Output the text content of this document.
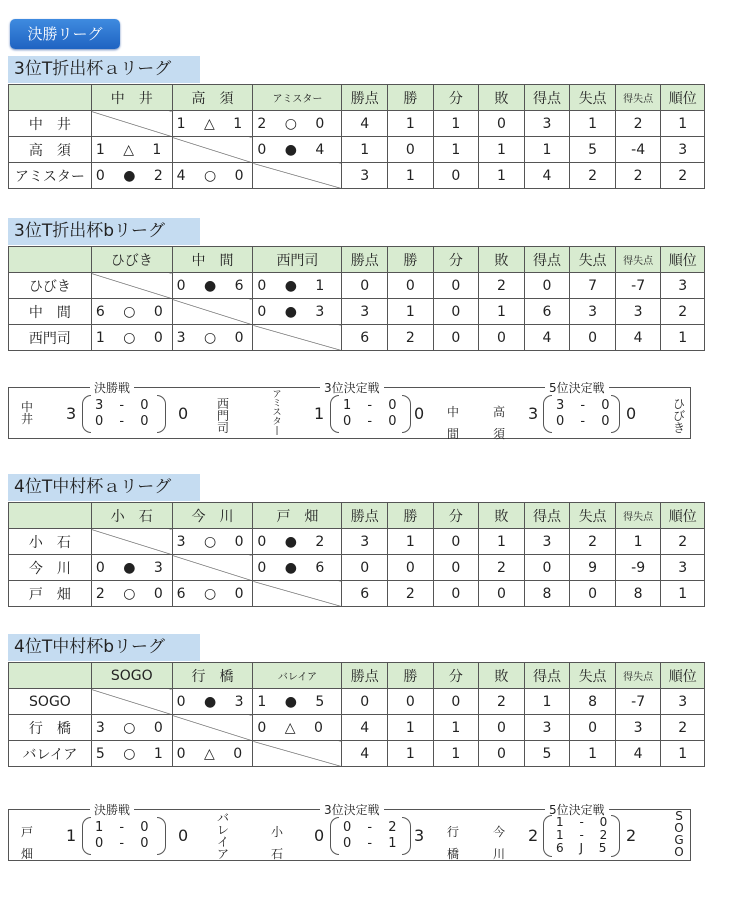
決勝リーグ
3位T折出杯ａリーグ
	中　井	高　須	アミスター	勝点	勝	分	敗	得点	失点	得失点	順位
中　井		1 △ 1	2 ○ 0	4	1	1	0	3	1	2	1
高　須	1 △ 1		0 ● 4	1	0	1	1	1	5	-4	3
アミスター	0 ● 2	4 ○ 0		3	1	0	1	4	2	2	2
3位T折出杯bリーグ
	ひびき	中　間	西門司	勝点	勝	分	敗	得点	失点	得失点	順位
ひびき		0 ● 6	0 ● 1	0	0	0	2	0	7	-7	3
中　間	6 ○ 0		0 ● 3	3	1	0	1	6	3	3	2
西門司	1 ○ 0	3 ○ 0		6	2	0	0	4	0	4	1
4位T中村杯ａリーグ
	小　石	今　川	戸　畑	勝点	勝	分	敗	得点	失点	得失点	順位
小　石		3 ○ 0	0 ● 2	3	1	0	1	3	2	1	2
今　川	0 ● 3		0 ● 6	0	0	0	2	0	9	-9	3
戸　畑	2 ○ 0	6 ○ 0		6	2	0	0	8	0	8	1
4位T中村杯bリーグ
	SOGO	行　橋	バレイア	勝点	勝	分	敗	得点	失点	得失点	順位
SOGO		0 ● 3	1 ● 5	0	0	0	2	1	8	-7	3
行　橋	3 ○ 0		0 △ 0	4	1	1	0	3	0	3	2
バレイア	5 ○ 1	0 △ 0		4	1	1	0	5	1	4	1
決勝戦	3位決定戦	5位決定戦
中
井 3 3 - 0
0 - 0 0 西
門
司
ア
ミ
ス
タ
|
1 1 - 0
0 - 0 0 中
間
高
須
3 3 - 0
0 - 0 0	ひ
び
き
決勝戦	3位決定戦	5位決定戦
戸
畑
1 1 - 0
0 - 0 0
バ
レ
イ
ア
小
石
0 0 - 2
0 - 1 3 行
橋
今
川
2
1 - 0
1 - 2
6 J 5
2
S
O
G
O
